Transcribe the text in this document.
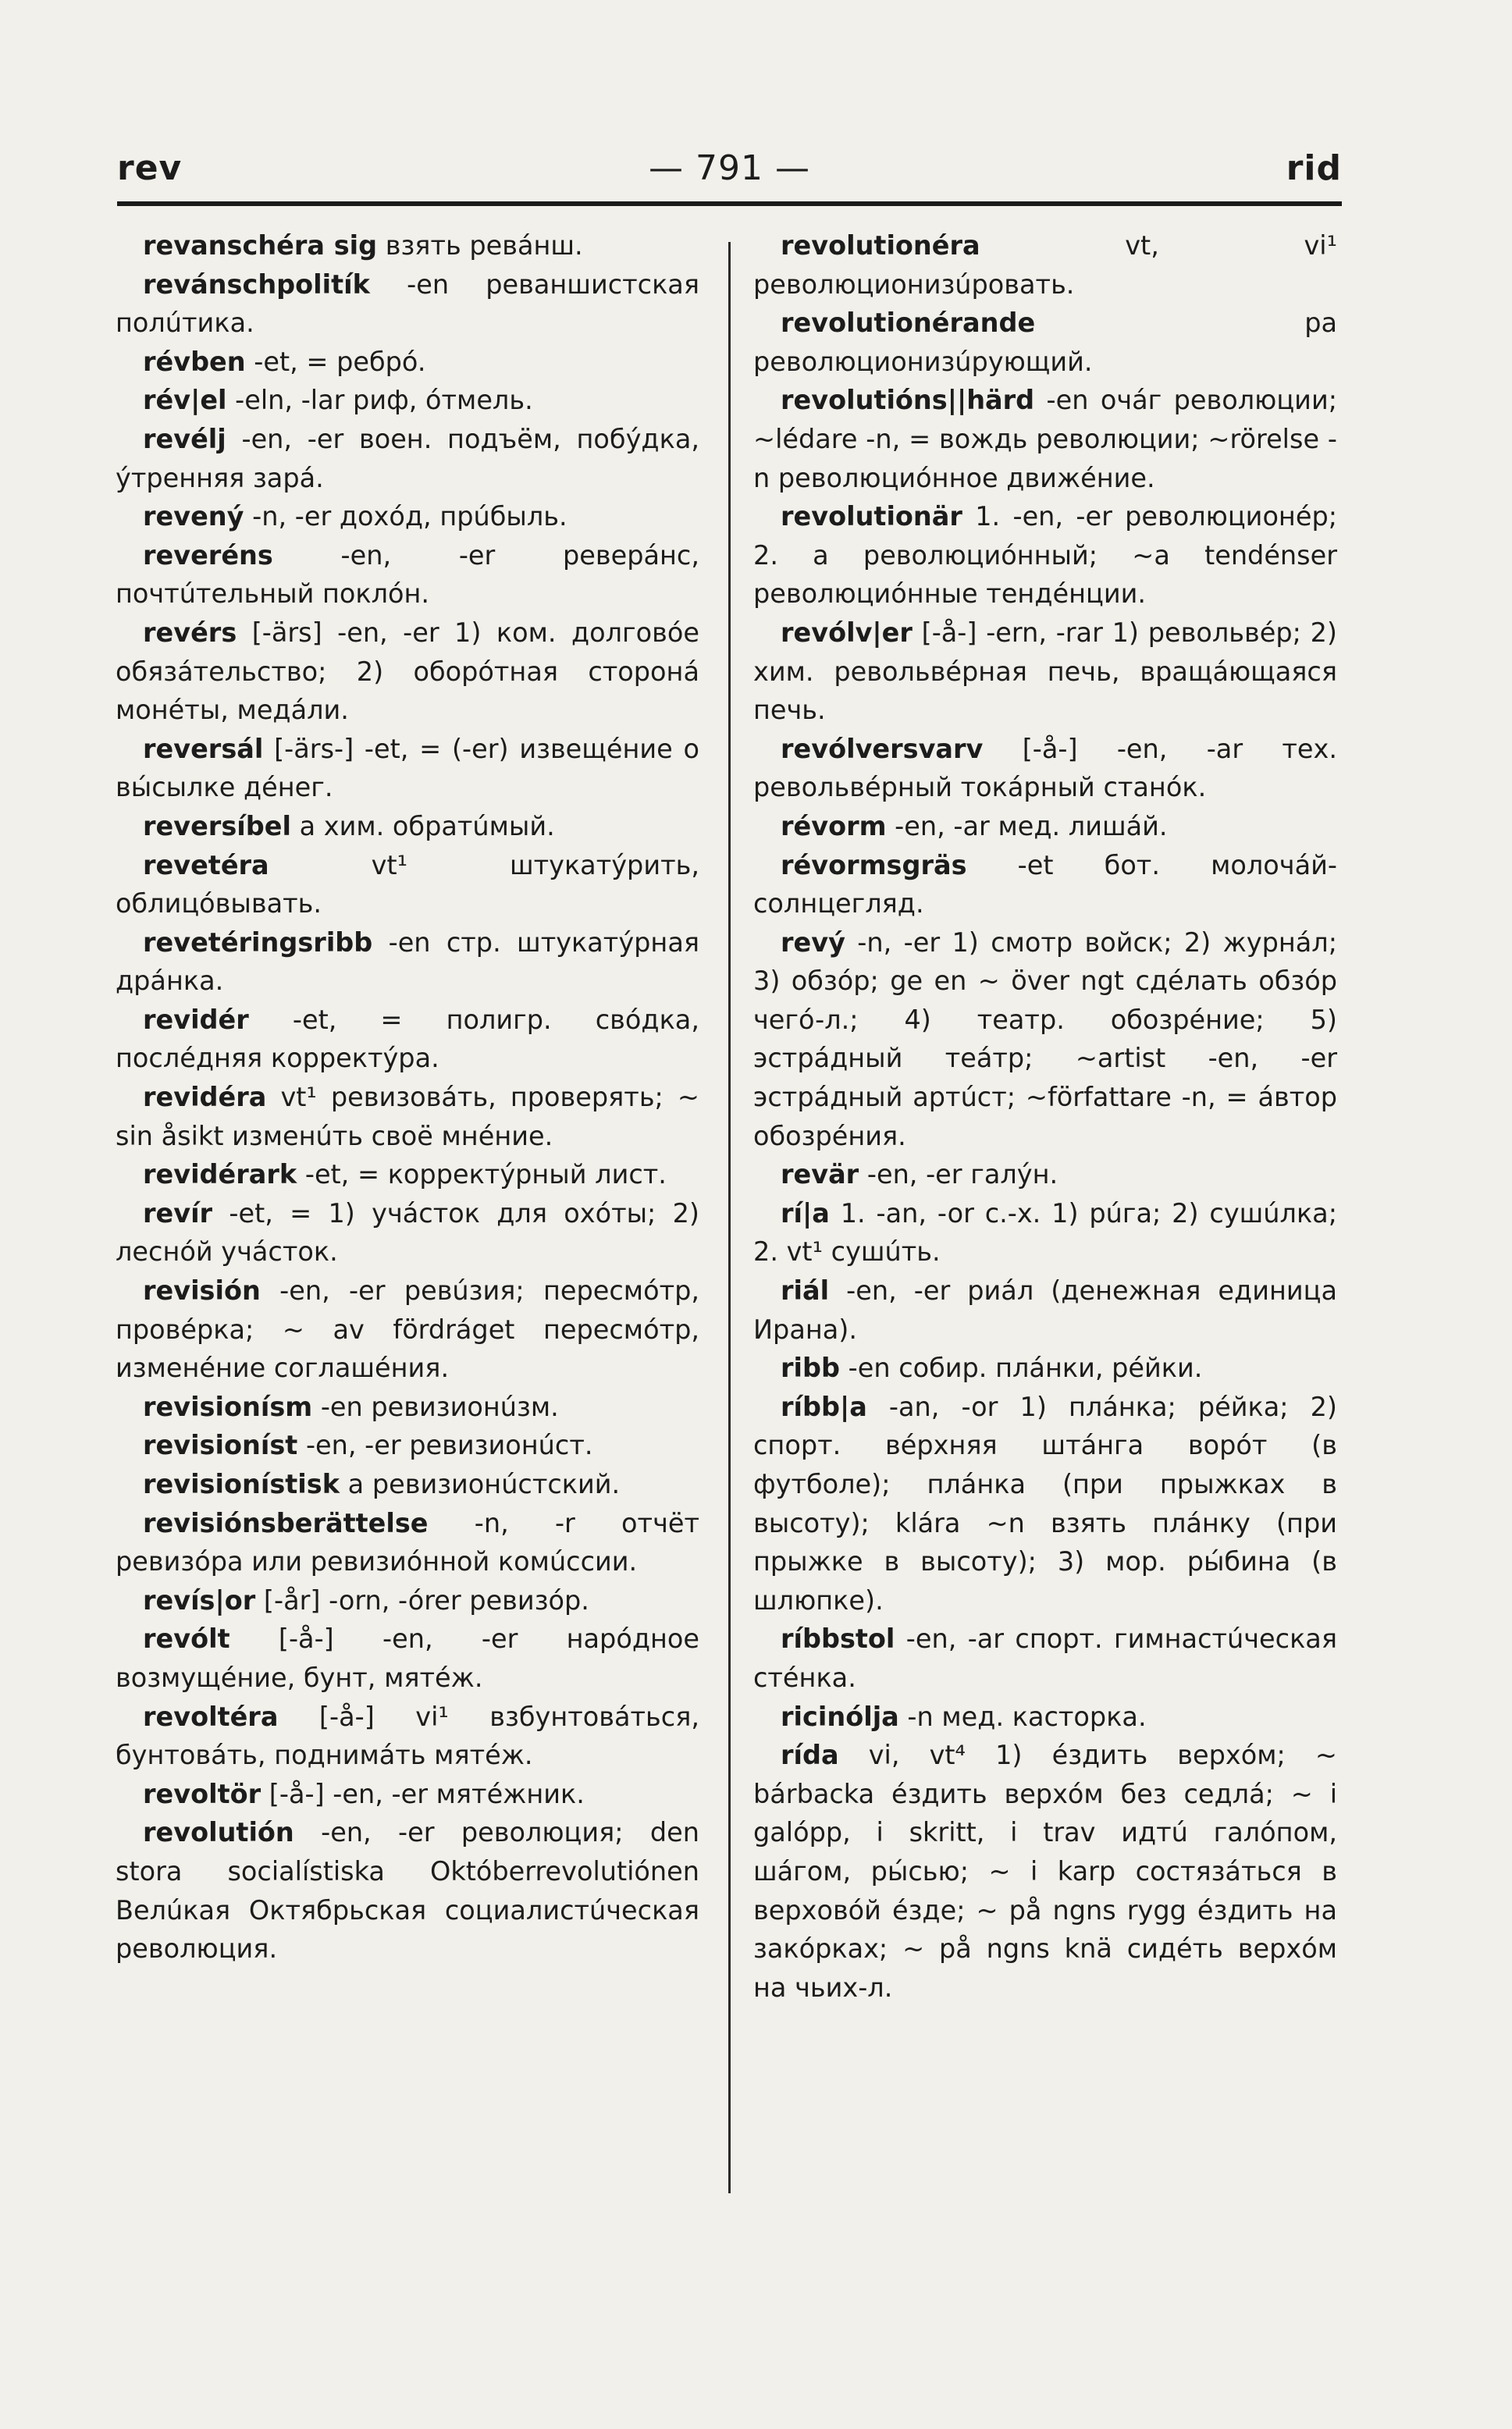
rev	— 791 —	rid

revanschéra sig взять ревáнш.

revánschpolitík -en реваншистская полúтика.

révben -et, = ребрó.

rév|el -eln, -lar риф, óтмель.

revélj -en, -er воен. подъём, побýдка, ýтренняя зарá.

revený -n, -er дохóд, прúбыль.

reveréns -en, -er реверáнс, почтúтельный поклóн.

revérs [-ärs] -en, -er 1) ком. долговóе обязáтельство; 2) обoрóтная сторонá монéты, медáли.

reversál [-ärs-] -et, = (-er) извещéние о вы́сылке дéнег.

reversíbel a хим. обратúмый.

revetéra vt¹ штукатýрить, облицóвывать.

revetéringsribb -en стр. штукатýрная дрáнка.

revidér -et, = полигр. свóдка, послéдняя корректýра.

revidéra vt¹ ревизовáть, проверять; ~ sin åsikt изменúть своё мнéние.

revidérark -et, = корректýрный лист.

revír -et, = 1) учáсток для охóты; 2) леснóй учáсток.

revisión -en, -er ревúзия; пересмóтр, провéрка; ~ av fördráget пересмóтр, изменéние соглашéния.

revisionísm -en ревизионúзм.

revisioníst -en, -er ревизионúст.

revisionístisk a ревизионúстский.

revisiónsberättelse -n, -r отчёт ревизóра или ревизиóнной комúссии.

revís|or [-år] -orn, -órer ревизóр.

revólt [-å-] -en, -er нарóдное возмущéние, бунт, мятéж.

revoltéra [-å-] vi¹ взбунтовáться, бунтовáть, поднимáть мятéж.

revoltör [-å-] -en, -er мятéжник.

revolutión -en, -er революция; den stora socialístiska Októberrevolutiónen Велúкая Октябрьская социалистúческая революция.

revolutionéra vt, vi¹ революционизúровать.

revolutionérande pa революционизúрующий.

revolutións||härd -en очáг революции; ~lédare -n, = вождь революции; ~rörelse -n революциóнное движéние.

revolutionär 1. -en, -er революционéр; 2. a революциóнный; ~a tendénser революциóнные тендéнции.

revólv|er [-å-] -ern, -rar 1) револьвéр; 2) хим. револьвéрная печь, вращáющаяся печь.

revólversvarv [-å-] -en, -ar тех. револьвéрный токáрный станóк.

révorm -en, -ar мед. лишáй.

révormsgräs -et бот. молочáй-солнцегляд.

revý -n, -er 1) смотр войск; 2) журнáл; 3) обзóр; ge en ~ över ngt сдéлать обзóр чегó-л.; 4) театр. обозрéние; 5) эстрáдный теáтр; ~artist -en, -er эстрáдный артúст; ~författare -n, = áвтор обозрéния.

revär -en, -er галýн.

rí|a 1. -an, -or с.-х. 1) рúга; 2) сушúлка; 2. vt¹ сушúть.

riál -en, -er риáл (денежная единица Ирана).

ribb -en собир. плáнки, рéйки.

ríbb|a -an, -or 1) плáнка; рéйка; 2) спорт. вéрхняя штáнга ворóт (в футболе); плáнка (при прыжках в высоту); klára ~n взять плáнку (при прыжке в высоту); 3) мор. ры́бина (в шлюпке).

ríbbstol -en, -ar спорт. гимнастúческая стéнка.

ricinólja -n мед. касторка.

rída vi, vt⁴ 1) éздить верхóм; ~ bárbacka éздить верхóм без седлá; ~ i galópp, i skritt, i trav идтú галóпом, шáгом, ры́сью; ~ i karp состязáться в верховóй éзде; ~ på ngns rygg éздить на закóрках; ~ på ngns knä сидéть верхóм на чьих-л.
